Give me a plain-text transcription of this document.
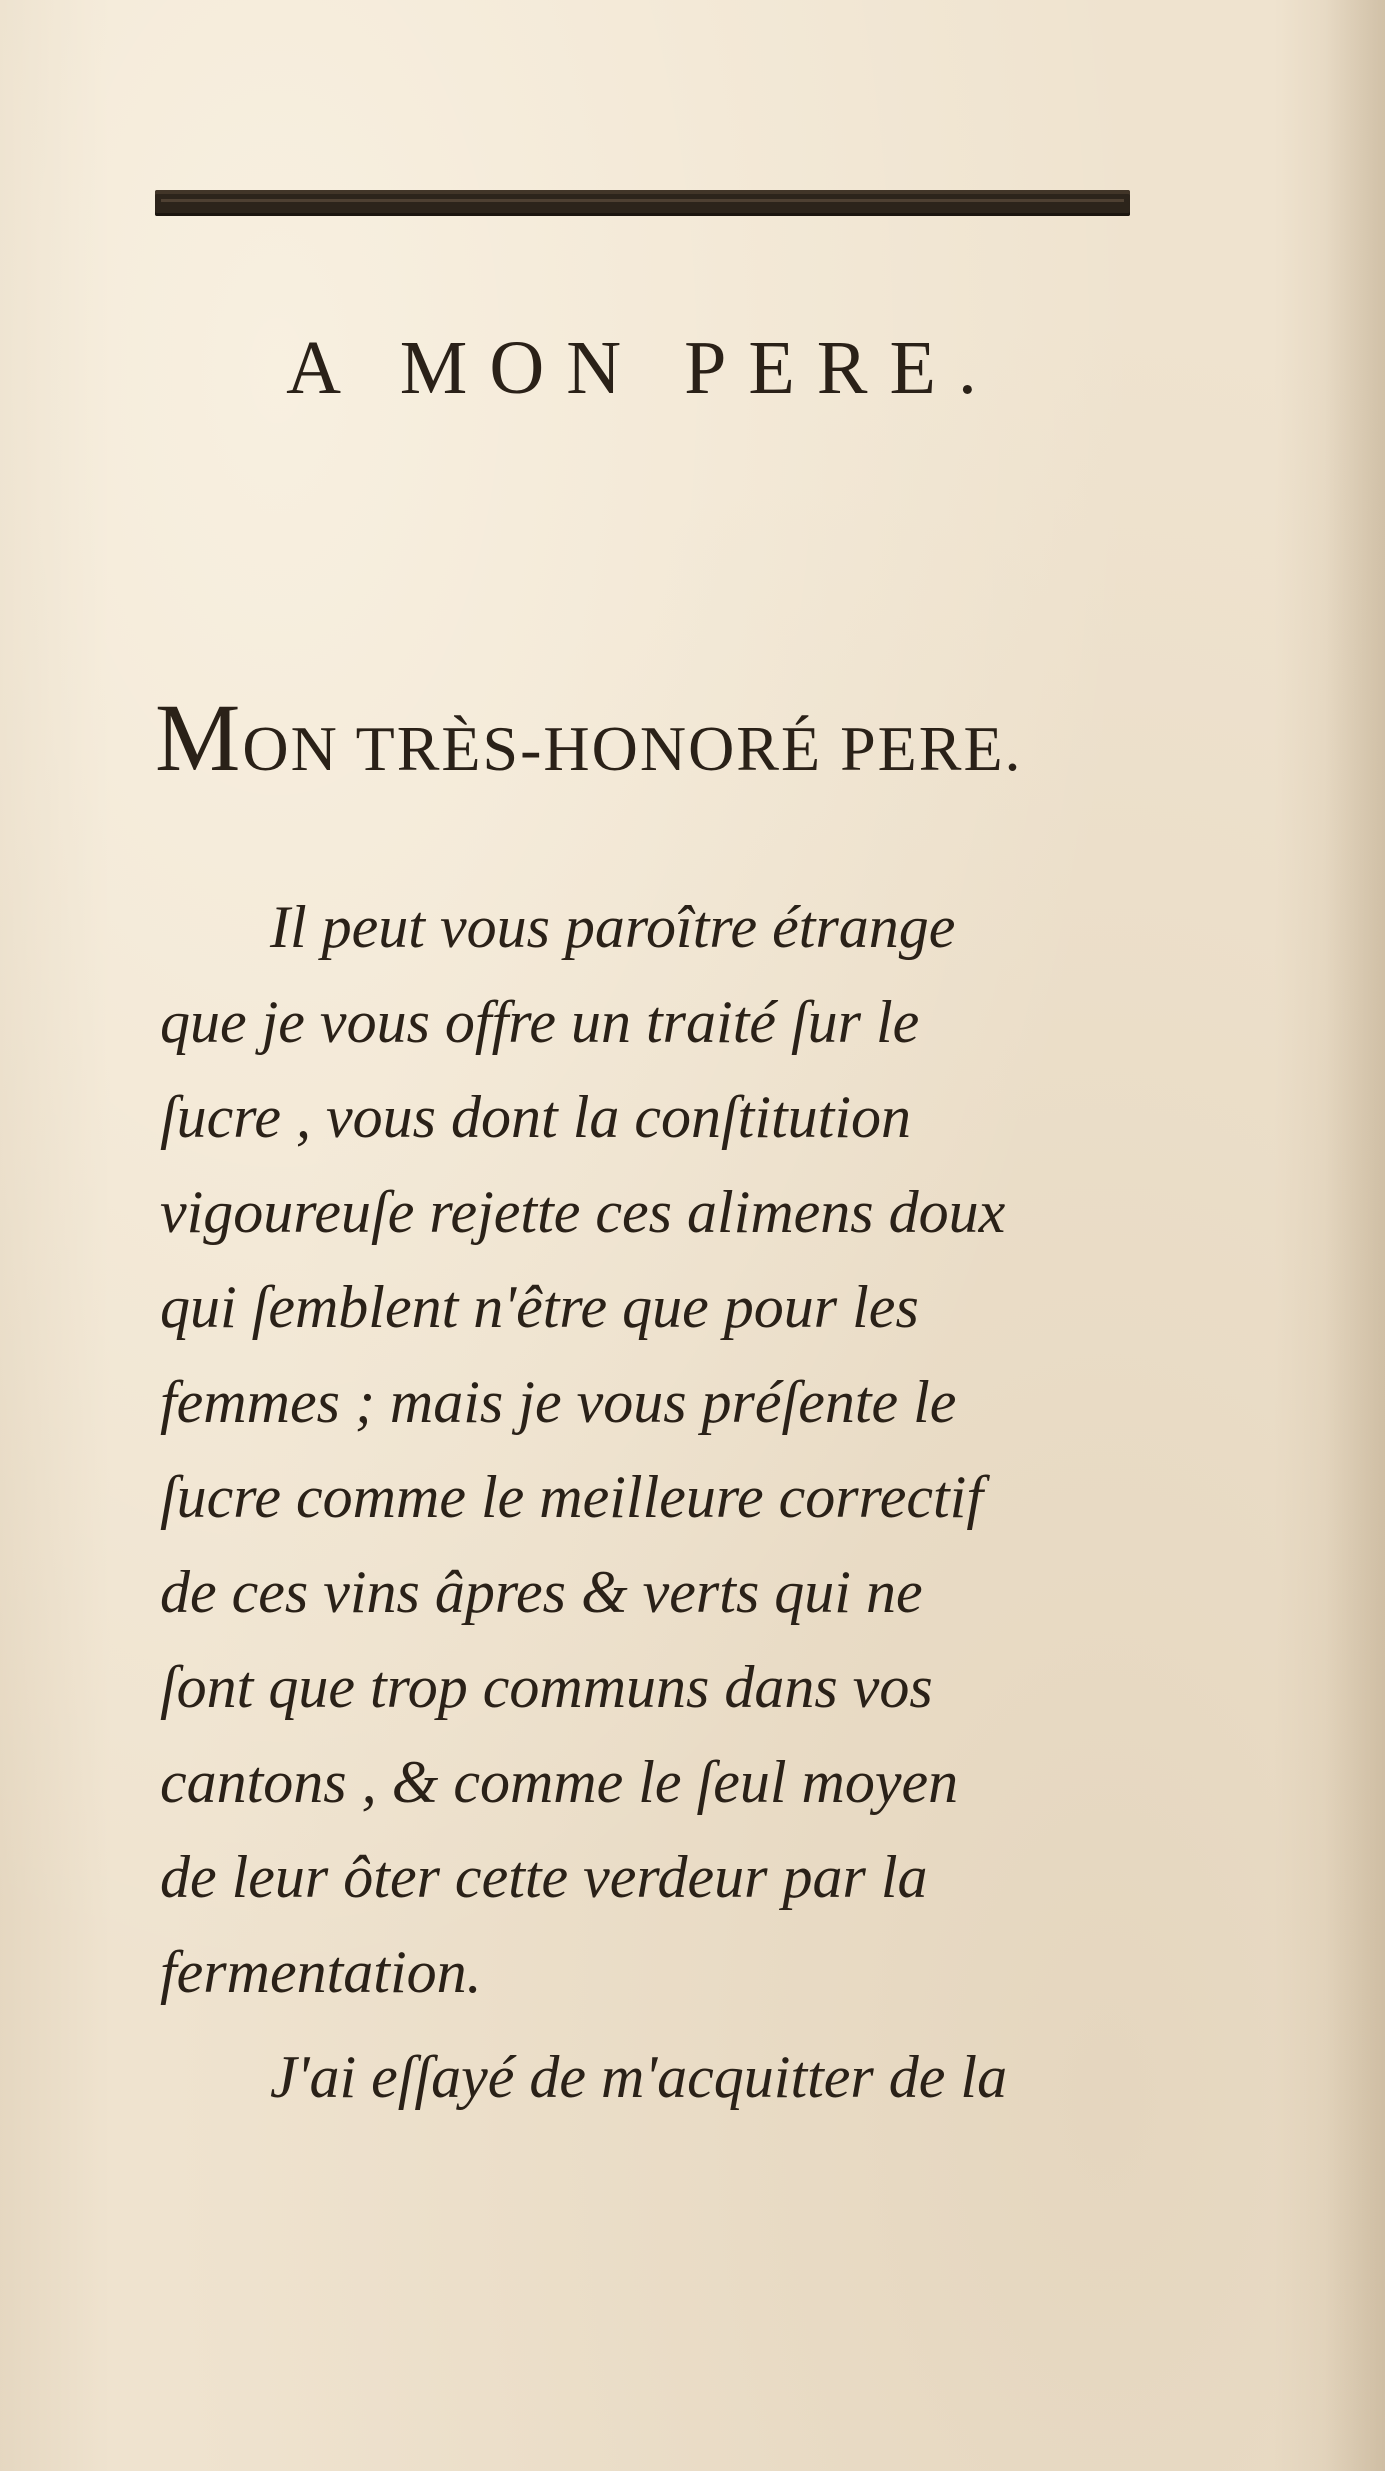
A MON PERE.
MON TRÈS-HONORÉ PERE.
Il peut vous paroître étrange
que je vous offre un traité ſur le
ſucre , vous dont la conſtitution
vigoureuſe rejette ces alimens doux
qui ſemblent n'être que pour les
femmes ; mais je vous préſente le
ſucre comme le meilleure correctif
de ces vins âpres & verts qui ne
ſont que trop communs dans vos
cantons , & comme le ſeul moyen
de leur ôter cette verdeur par la
fermentation.
J'ai eſſayé de m'acquitter de la
